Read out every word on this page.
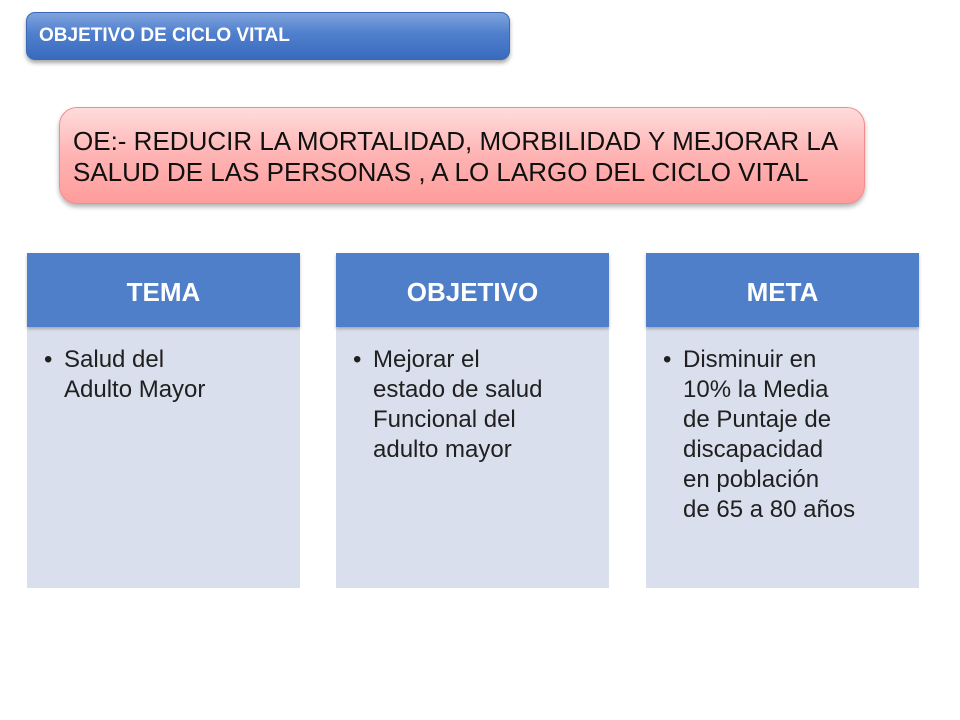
OBJETIVO DE CICLO VITAL
OE:- REDUCIR LA MORTALIDAD, MORBILIDAD Y MEJORAR LA
SALUD DE LAS PERSONAS , A LO LARGO DEL CICLO VITAL
TEMA
• Salud del
Adulto Mayor
OBJETIVO
• Mejorar el
estado de salud
Funcional del
adulto mayor
META
• Disminuir en
10% la Media
de Puntaje de
discapacidad
en población
de 65 a 80 años
